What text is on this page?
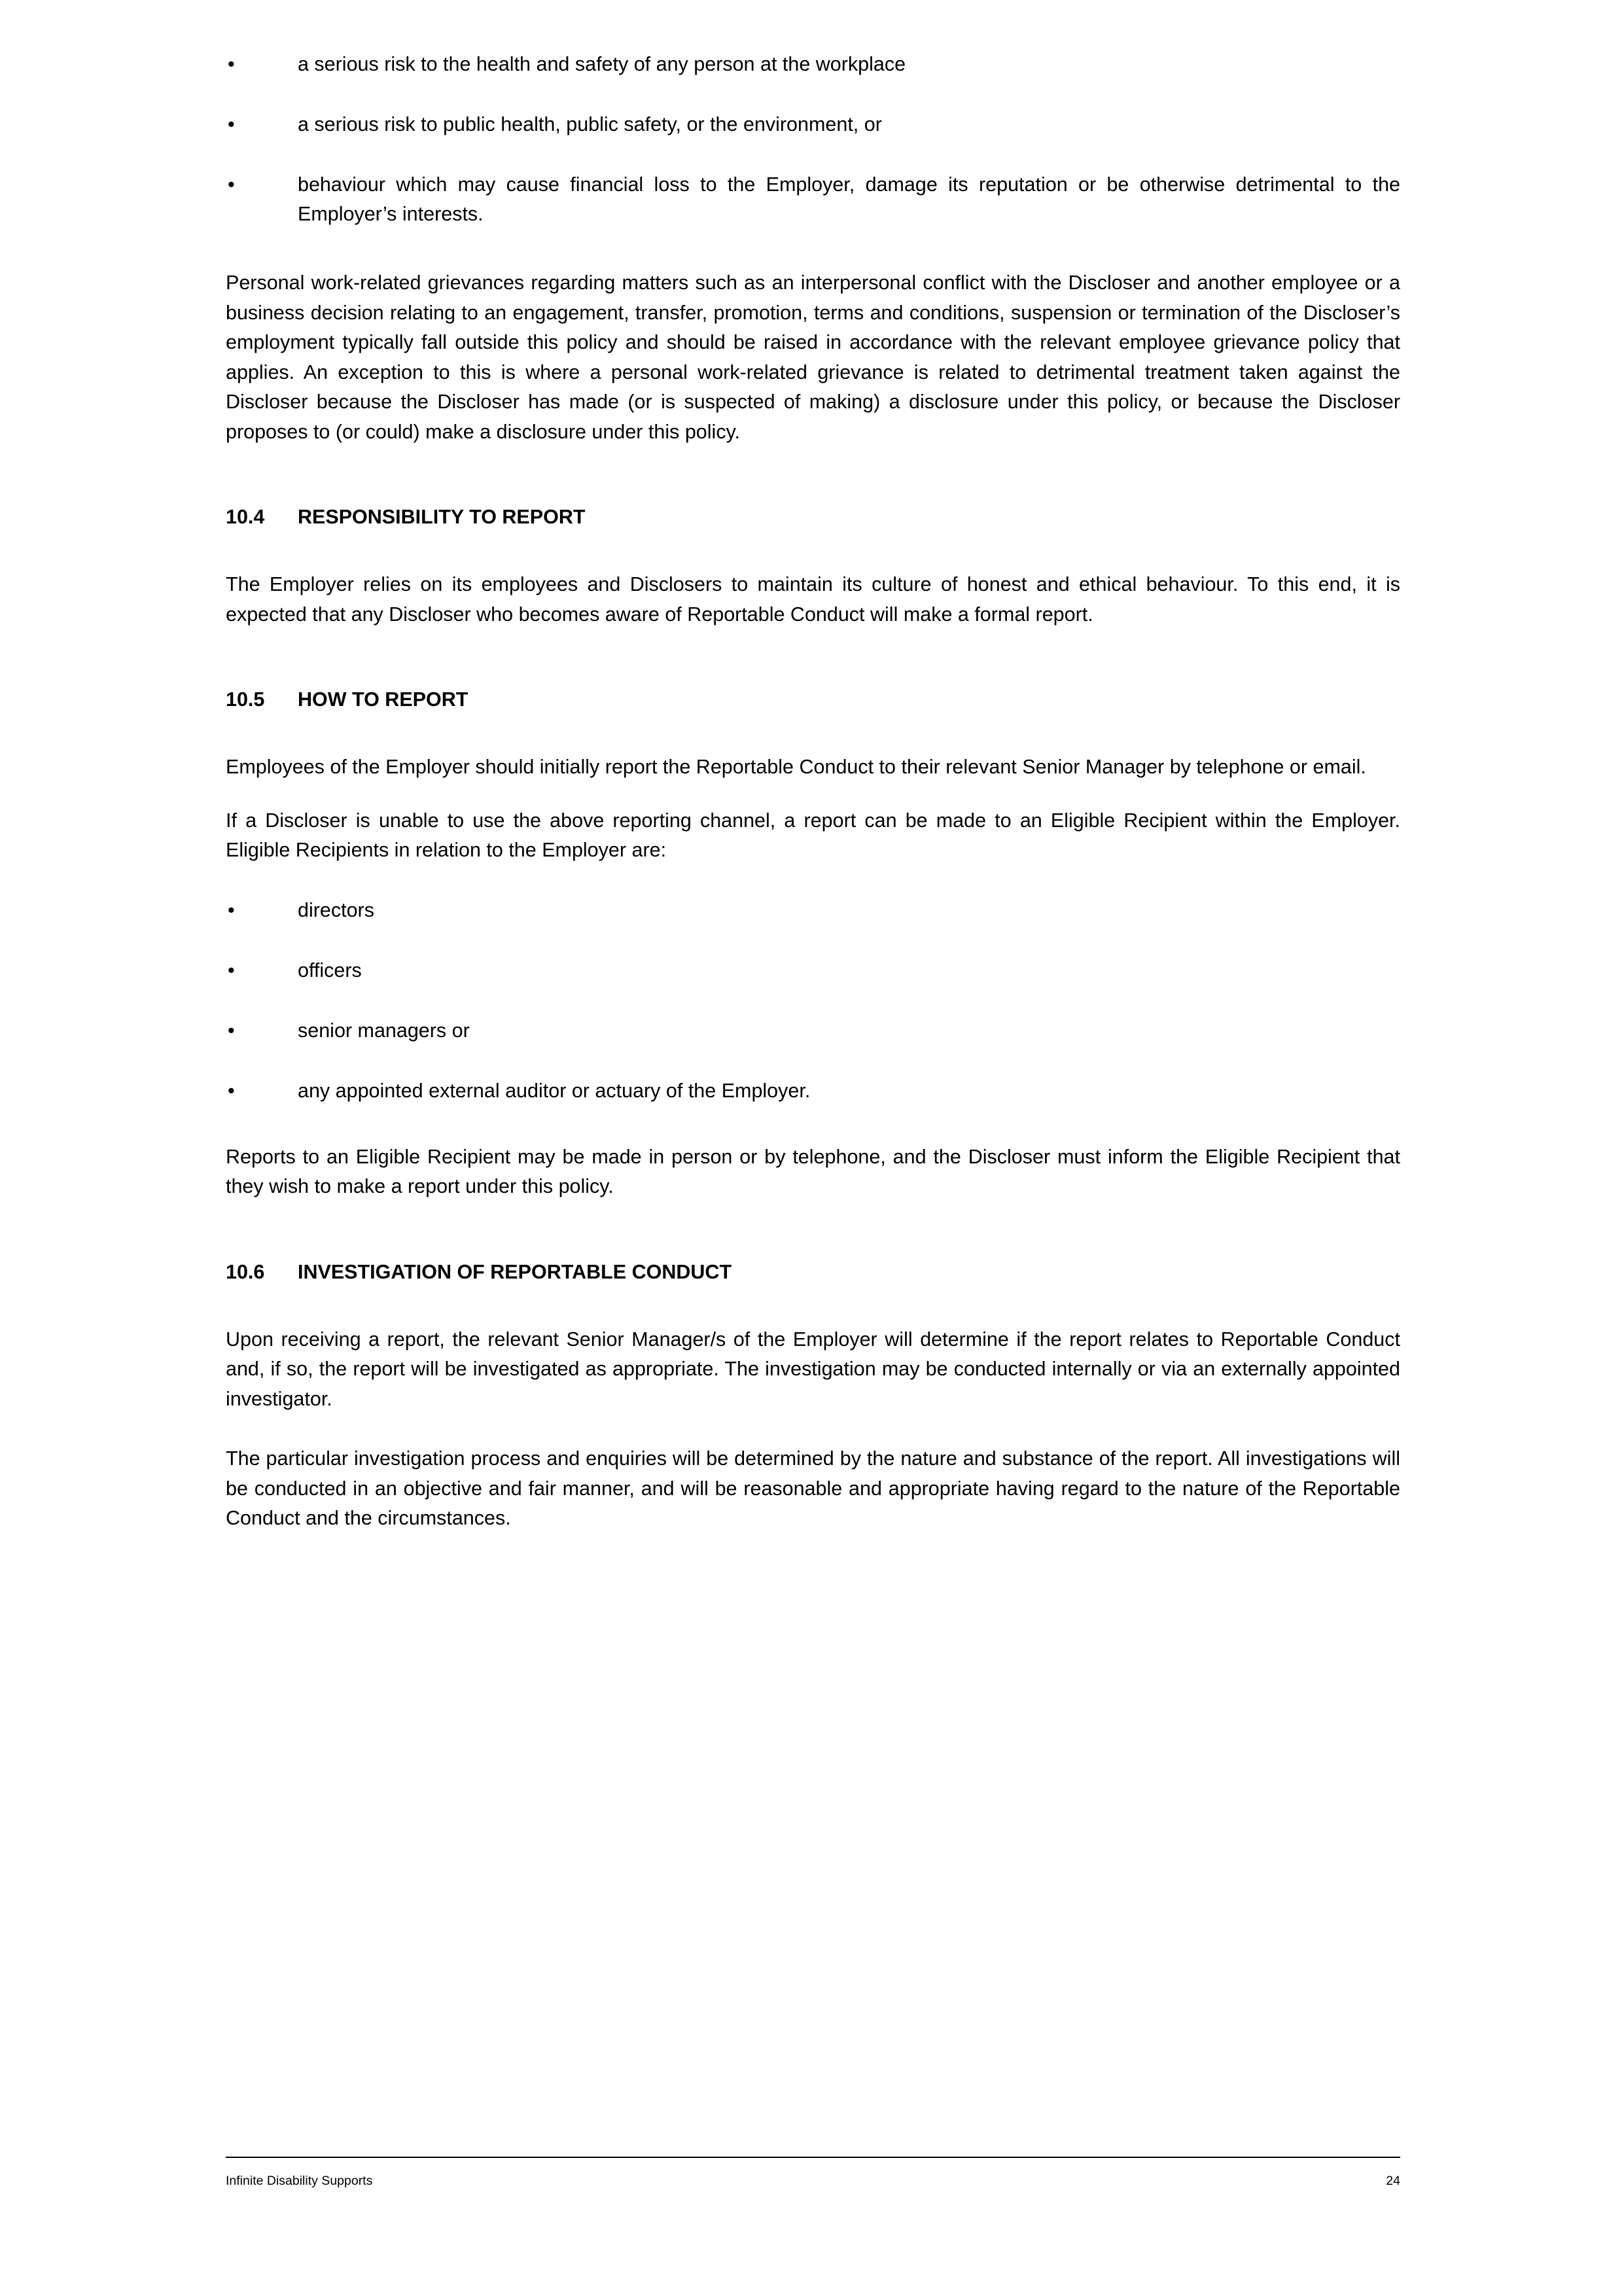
•	a serious risk to the health and safety of any person at the workplace
•	a serious risk to public health, public safety, or the environment, or
•	behaviour which may cause financial loss to the Employer, damage its reputation or be otherwise detrimental to the Employer’s interests.

Personal work-related grievances regarding matters such as an interpersonal conflict with the Discloser and another employee or a business decision relating to an engagement, transfer, promotion, terms and conditions, suspension or termination of the Discloser’s employment typically fall outside this policy and should be raised in accordance with the relevant employee grievance policy that applies. An exception to this is where a personal work-related grievance is related to detrimental treatment taken against the Discloser because the Discloser has made (or is suspected of making) a disclosure under this policy, or because the Discloser proposes to (or could) make a disclosure under this policy.

10.4	RESPONSIBILITY TO REPORT

The Employer relies on its employees and Disclosers to maintain its culture of honest and ethical behaviour. To this end, it is expected that any Discloser who becomes aware of Reportable Conduct will make a formal report.

10.5	HOW TO REPORT

Employees of the Employer should initially report the Reportable Conduct to their relevant Senior Manager by telephone or email.

If a Discloser is unable to use the above reporting channel, a report can be made to an Eligible Recipient within the Employer. Eligible Recipients in relation to the Employer are:

•	directors
•	officers
•	senior managers or
•	any appointed external auditor or actuary of the Employer.

Reports to an Eligible Recipient may be made in person or by telephone, and the Discloser must inform the Eligible Recipient that they wish to make a report under this policy.

10.6	INVESTIGATION OF REPORTABLE CONDUCT

Upon receiving a report, the relevant Senior Manager/s of the Employer will determine if the report relates to Reportable Conduct and, if so, the report will be investigated as appropriate. The investigation may be conducted internally or via an externally appointed investigator.

The particular investigation process and enquiries will be determined by the nature and substance of the report. All investigations will be conducted in an objective and fair manner, and will be reasonable and appropriate having regard to the nature of the Reportable Conduct and the circumstances.

Infinite Disability Supports	24
